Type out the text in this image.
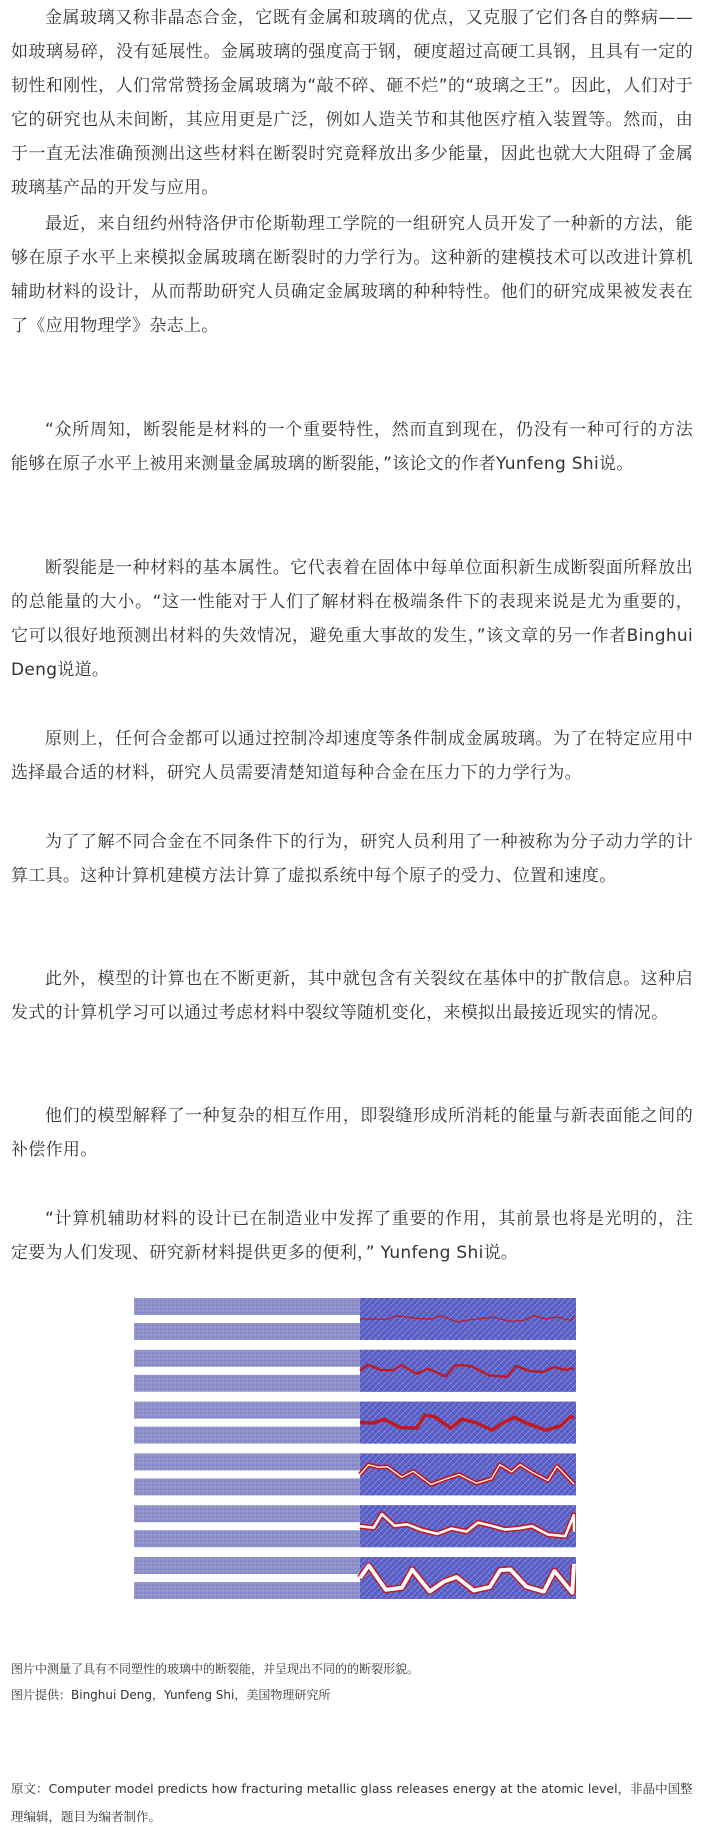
金属玻璃又称非晶态合金，它既有金属和玻璃的优点，又克服了它们各自的弊病——如玻璃易碎，没有延展性。金属玻璃的强度高于钢，硬度超过高硬工具钢，且具有一定的韧性和刚性，人们常常赞扬金属玻璃为“敲不碎、砸不烂”的“玻璃之王”。因此，人们对于它的研究也从未间断，其应用更是广泛，例如人造关节和其他医疗植入装置等。然而，由于一直无法准确预测出这些材料在断裂时究竟释放出多少能量，因此也就大大阻碍了金属玻璃基产品的开发与应用。

最近，来自纽约州特洛伊市伦斯勒理工学院的一组研究人员开发了一种新的方法，能够在原子水平上来模拟金属玻璃在断裂时的力学行为。这种新的建模技术可以改进计算机辅助材料的设计，从而帮助研究人员确定金属玻璃的种种特性。他们的研究成果被发表在了《应用物理学》杂志上。

“众所周知，断裂能是材料的一个重要特性，然而直到现在，仍没有一种可行的方法能够在原子水平上被用来测量金属玻璃的断裂能，”该论文的作者Yunfeng Shi说。

断裂能是一种材料的基本属性。它代表着在固体中每单位面积新生成断裂面所释放出的总能量的大小。“这一性能对于人们了解材料在极端条件下的表现来说是尤为重要的，它可以很好地预测出材料的失效情况，避免重大事故的发生，”该文章的另一作者Binghui Deng说道。

原则上，任何合金都可以通过控制冷却速度等条件制成金属玻璃。为了在特定应用中选择最合适的材料，研究人员需要清楚知道每种合金在压力下的力学行为。

为了了解不同合金在不同条件下的行为，研究人员利用了一种被称为分子动力学的计算工具。这种计算机建模方法计算了虚拟系统中每个原子的受力、位置和速度。

此外，模型的计算也在不断更新，其中就包含有关裂纹在基体中的扩散信息。这种启发式的计算机学习可以通过考虑材料中裂纹等随机变化，来模拟出最接近现实的情况。

他们的模型解释了一种复杂的相互作用，即裂缝形成所消耗的能量与新表面能之间的补偿作用。

“计算机辅助材料的设计已在制造业中发挥了重要的作用，其前景也将是光明的，注定要为人们发现、研究新材料提供更多的便利，” Yunfeng Shi说。

图片中测量了具有不同塑性的玻璃中的断裂能，并呈现出不同的的断裂形貌。
图片提供：Binghui Deng，Yunfeng Shi，美国物理研究所
原文：Computer model predicts how fracturing metallic glass releases energy at the atomic level，非晶中国整理编辑，题目为编者制作。
